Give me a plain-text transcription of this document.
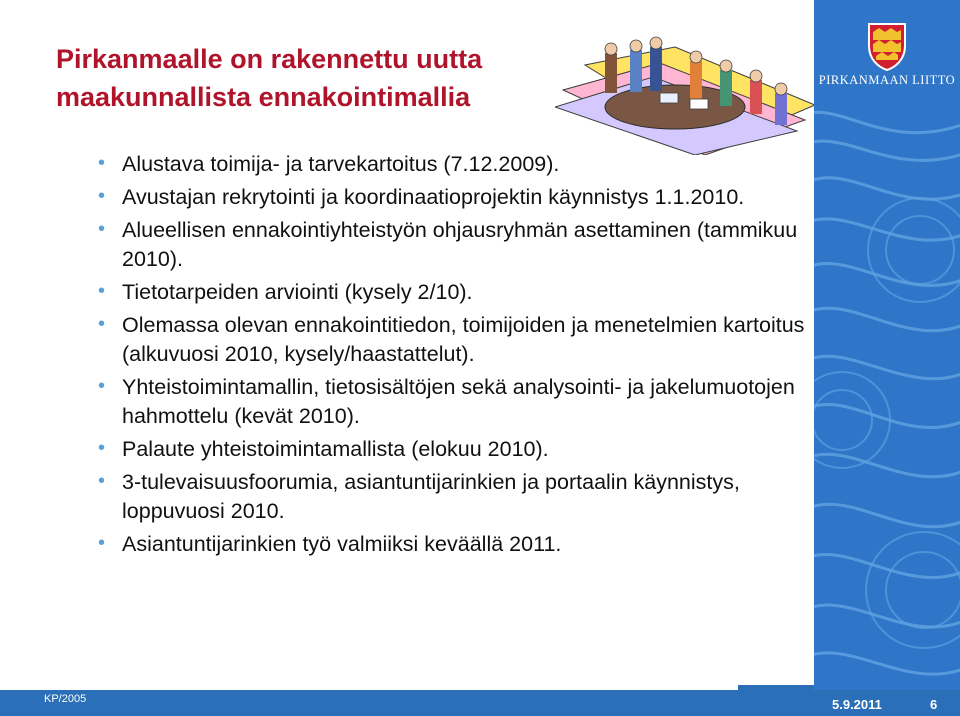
Pirkanmaalle on rakennettu uutta maakunnallista ennakointimallia
• Alustava toimija- ja tarvekartoitus (7.12.2009).
• Avustajan rekrytointi ja koordinaatioprojektin käynnistys 1.1.2010.
• Alueellisen ennakointiyhteistyön ohjausryhmän asettaminen (tammikuu 2010).
• Tietotarpeiden arviointi (kysely 2/10).
• Olemassa olevan ennakointitiedon, toimijoiden ja menetelmien kartoitus (alkuvuosi 2010, kysely/haastattelut).
• Yhteistoimintamallin, tietosisältöjen sekä analysointi- ja jakelumuotojen hahmottelu (kevät 2010).
• Palaute yhteistoimintamallista (elokuu 2010).
• 3-tulevaisuusfoorumia, asiantuntijarinkien ja portaalin käynnistys, loppuvuosi 2010.
• Asiantuntijarinkien työ valmiiksi keväällä 2011.
PIRKANMAAN LIITTO
KP/2005	5.9.2011	6
